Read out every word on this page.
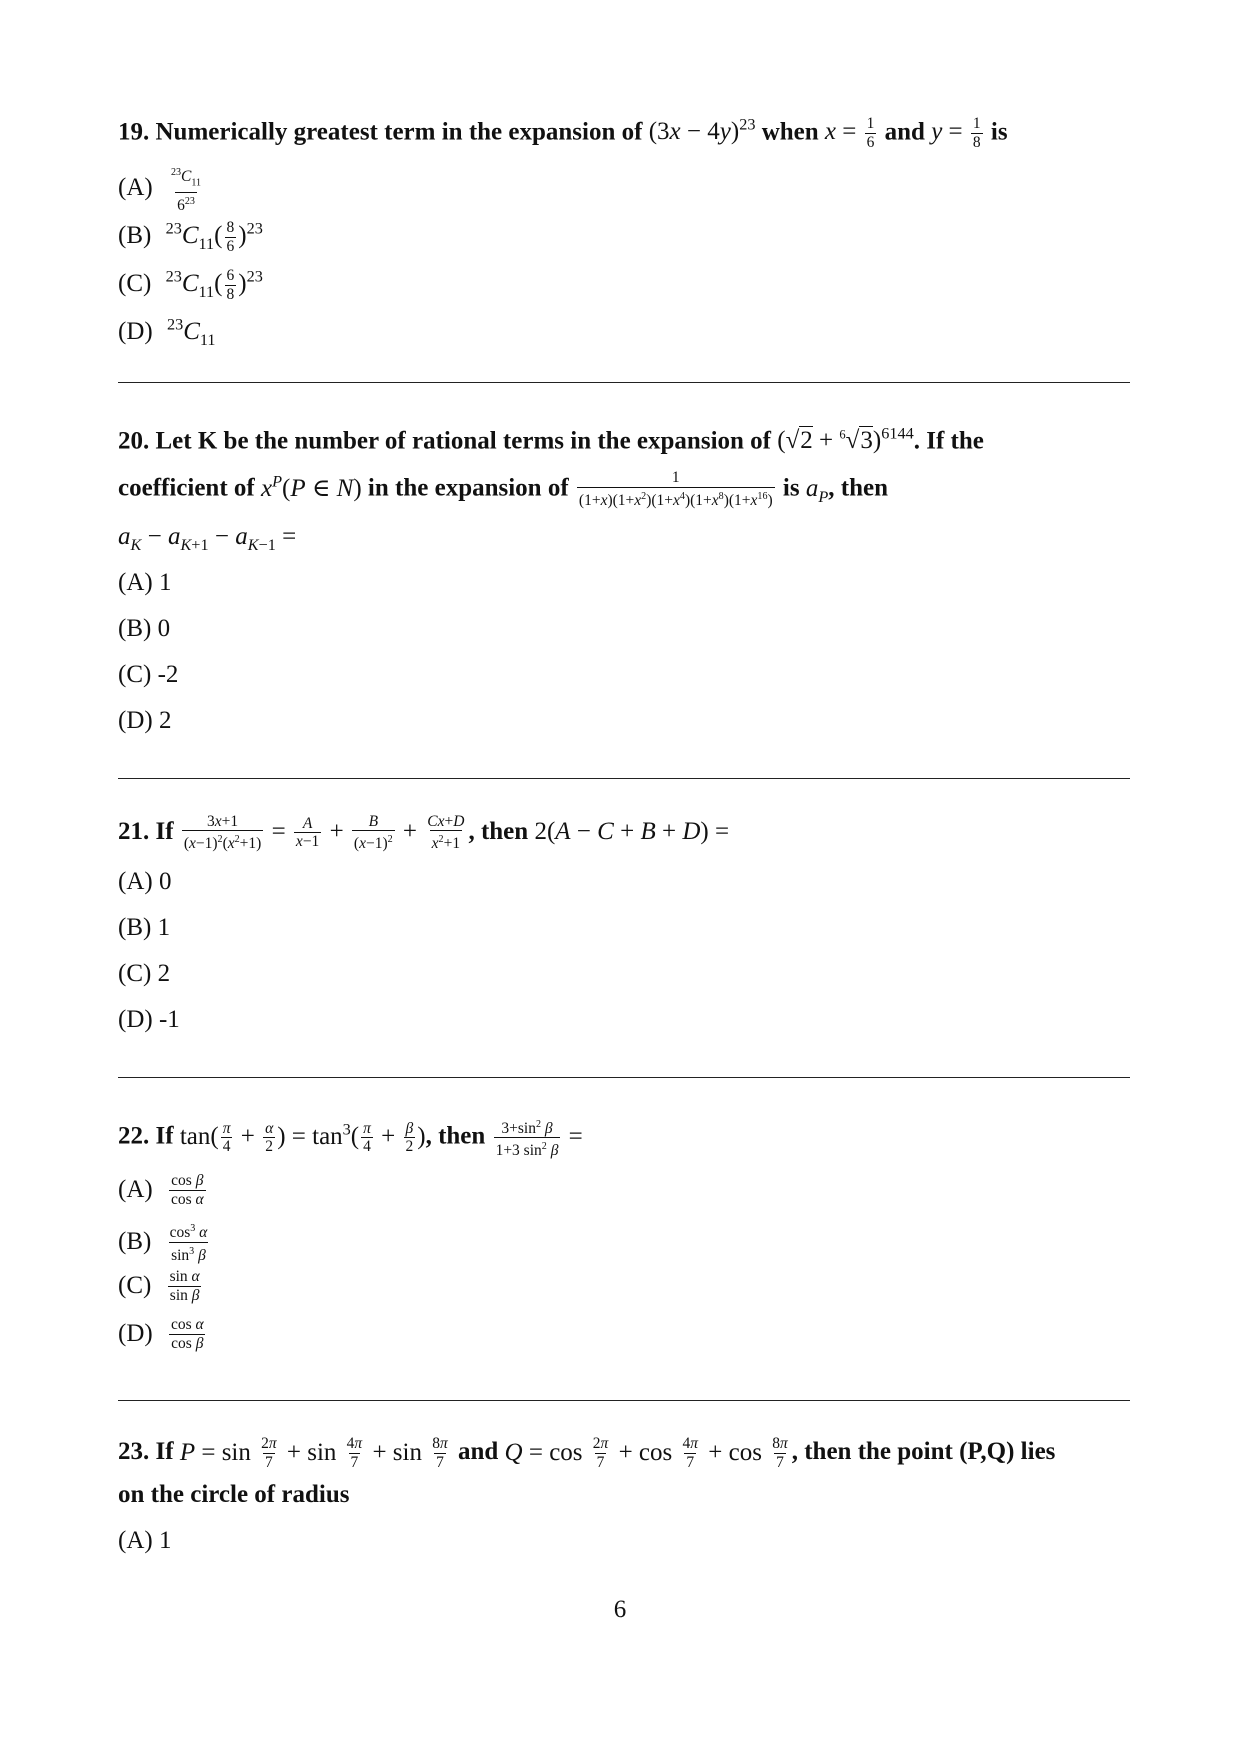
19. Numerically greatest term in the expansion of $(3x - 4y)^{23}$ when $x = \frac{1}{6}$ and $y = \frac{1}{8}$ is
$(A) \frac{^{23}C_{11}}{6^{23}}$
(B) $^{23}C_{11}( \frac{8}{6} )^{23}$
(C) $^{23}C_{11}( \frac{6}{8} )^{23}$
(D) $^{23}C_{11}$
20. Let K be the number of rational terms in the expansion of $(√2 + ^6√3)^{6144}$. If the
coefficient of $x^P(P$ ∈ N) in the expansion of $\frac{1}{(1+x)(1+x^2)(1+x^4)(1+x^8)(1+x^{16})}$ is $a_P$, then
$a_K - a_{K+1} - a_{K-1}$ =
(A) 1
(B) 0
(C) -2
(D) 2
21. If $\frac{3x+1}{(x-1)^2(x^2+1)} = \frac{A}{x-1} + \frac{B}{(x-1)^2} + \frac{Cx+D}{x^2+1}$ , then 2(A − C + B + D) =
(A) 0
(B) 1
(C) 2
(D) -1
22. If $\tan( \frac{\pi}{4} + \frac{\alpha}{2}$ ) = $\tan^3( \frac{\pi}{4} + \frac{\beta}{2}$ ), then $\frac{3+\sin^2 \beta}{1+3 \sin^2 \beta}$ =
$(A) \frac{\text{cos β}}{\text{cos α}}$
$(B) \frac{\cos^3 \alpha}{\sin^3 \beta}$
$(C) \frac{\text{sin α}}{\text{sin β}}$
$(D) \frac{\text{cos α}}{\text{cos β}}$
23. If $P = \sin \frac{2\pi}{7} + \sin \frac{4\pi}{7} + \sin \frac{8\pi}{7}$ and $Q = \cos \frac{2\pi}{7} + \cos \frac{4\pi}{7} + \cos \frac{8\pi}{7}$ , then the point (P,Q) lies
on the circle of radius
(A) 1
6
